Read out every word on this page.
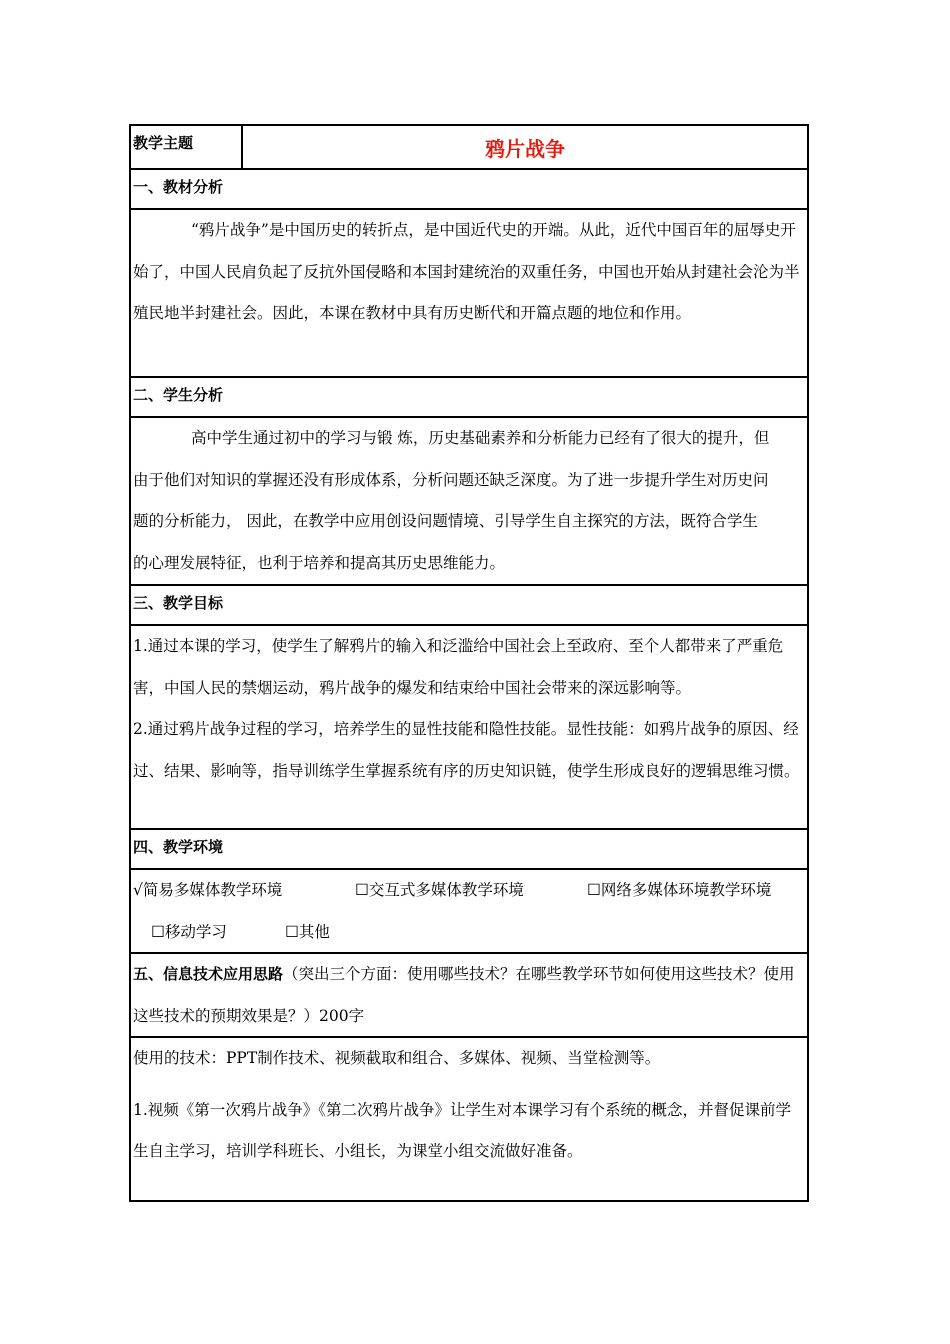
教学主题	鸦片战争
一、教材分析
“鸦片战争”是中国历史的转折点，是中国近代史的开端。从此，近代中国百年的屈辱史开始了，中国人民肩负起了反抗外国侵略和本国封建统治的双重任务，中国也开始从封建社会沦为半殖民地半封建社会。因此，本课在教材中具有历史断代和开篇点题的地位和作用。
二、学生分析
高中学生通过初中的学习与锻 炼，历史基础素养和分析能力已经有了很大的提升，但由于他们对知识的掌握还没有形成体系，分析问题还缺乏深度。为了进一步提升学生对历史问题的分析能力， 因此，在教学中应用创设问题情境、引导学生自主探究的方法，既符合学生的心理发展特征，也利于培养和提高其历史思维能力。
三、教学目标
1.通过本课的学习，使学生了解鸦片的输入和泛滥给中国社会上至政府、至个人都带来了严重危害，中国人民的禁烟运动，鸦片战争的爆发和结束给中国社会带来的深远影响等。
2.通过鸦片战争过程的学习，培养学生的显性技能和隐性技能。显性技能：如鸦片战争的原因、经过、结果、影响等，指导训练学生掌握系统有序的历史知识链，使学生形成良好的逻辑思维习惯。
四、教学环境
√简易多媒体教学环境	☐交互式多媒体教学环境	☐网络多媒体环境教学环境
☐移动学习	☐其他
五、信息技术应用思路（突出三个方面：使用哪些技术？在哪些教学环节如何使用这些技术？使用这些技术的预期效果是？）200字
使用的技术：PPT制作技术、视频截取和组合、多媒体、视频、当堂检测等。
1.视频《第一次鸦片战争》《第二次鸦片战争》让学生对本课学习有个系统的概念，并督促课前学生自主学习，培训学科班长、小组长，为课堂小组交流做好准备。
